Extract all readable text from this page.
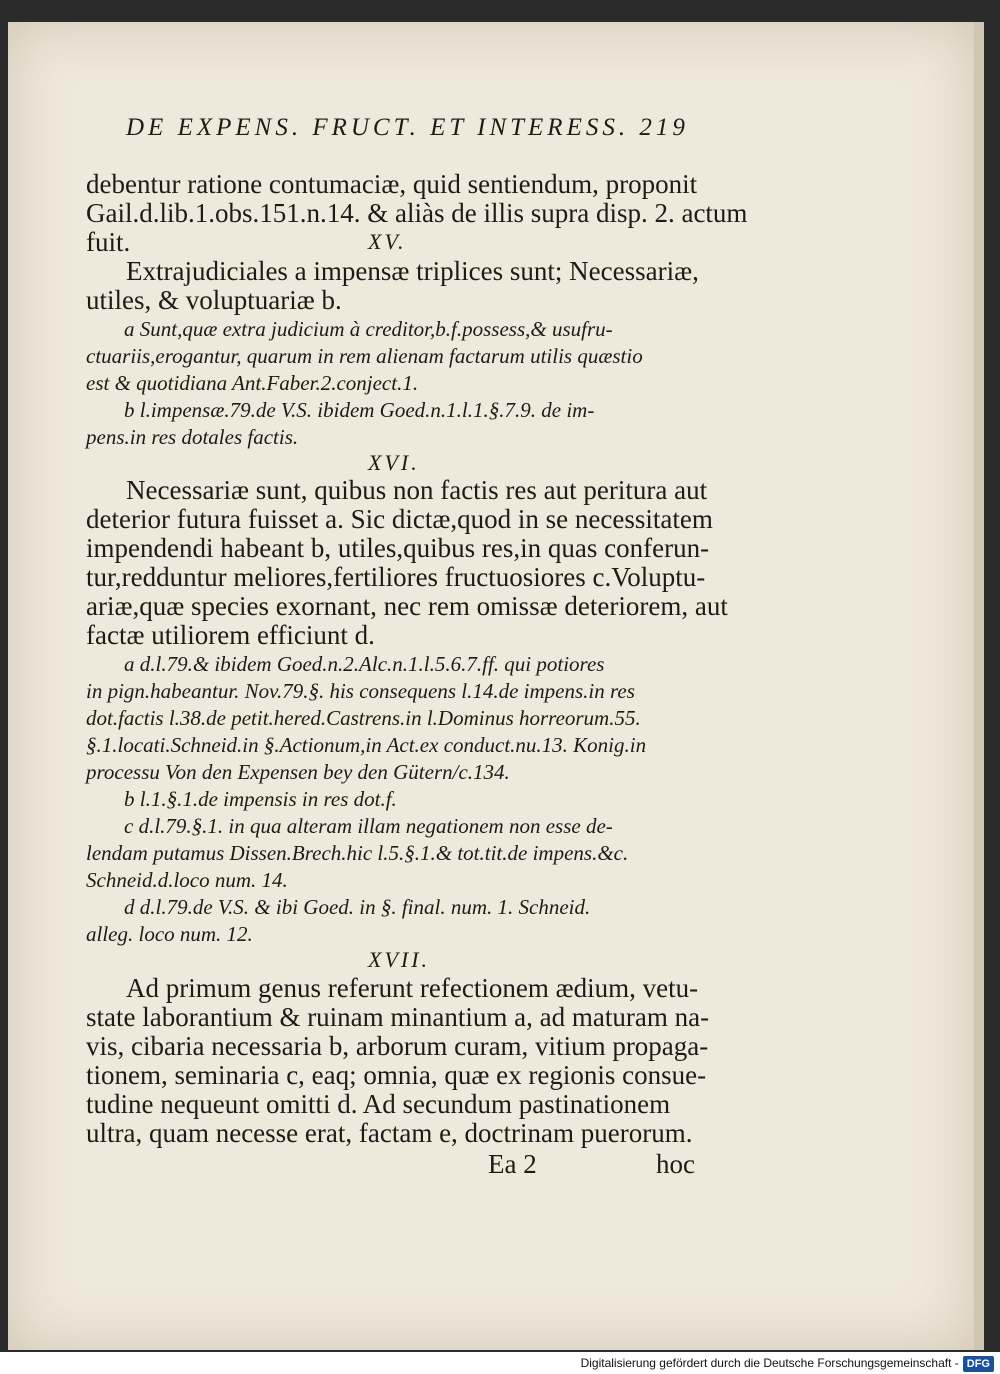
DE EXPENS. FRUCT. ET INTERESS. 219
debentur ratione contumaciæ, quid sentiendum, proponit
Gail.d.lib.1.obs.151.n.14. & aliàs de illis supra disp. 2. actum
fuit.	XV.
Extrajudiciales a impensæ triplices sunt; Necessariæ,
utiles, & voluptuariæ b.
a Sunt,quæ extra judicium à creditor,b.f.possess,& usufru-
ctuariis,erogantur, quarum in rem alienam factarum utilis quæstio
est & quotidiana Ant.Faber.2.conject.1.
b l.impensæ.79.de V.S. ibidem Goed.n.1.l.1.§.7.9. de im-
pens.in res dotales factis.
XVI.
Necessariæ sunt, quibus non factis res aut peritura aut
deterior futura fuisset a. Sic dictæ,quod in se necessitatem
impendendi habeant b, utiles,quibus res,in quas conferun-
tur,redduntur meliores,fertiliores fructuosiores c.Voluptu-
ariæ,quæ species exornant, nec rem omissæ deteriorem, aut
factæ utiliorem efficiunt d.
a d.l.79.& ibidem Goed.n.2.Alc.n.1.l.5.6.7.ff. qui potiores
in pign.habeantur. Nov.79.§. his consequens l.14.de impens.in res
dot.factis l.38.de petit.hered.Castrens.in l.Dominus horreorum.55.
§.1.locati.Schneid.in §.Actionum,in Act.ex conduct.nu.13. Konig.in
processu Von den Expensen bey den Gütern/c.134.
b l.1.§.1.de impensis in res dot.f.
c d.l.79.§.1. in qua alteram illam negationem non esse de-
lendam putamus Dissen.Brech.hic l.5.§.1.& tot.tit.de impens.&c.
Schneid.d.loco num. 14.
d d.l.79.de V.S. & ibi Goed. in §. final. num. 1. Schneid.
alleg. loco num. 12.
XVII.
Ad primum genus referunt refectionem ædium, vetu-
state laborantium & ruinam minantium a, ad maturam na-
vis, cibaria necessaria b, arborum curam, vitium propaga-
tionem, seminaria c, eaq; omnia, quæ ex regionis consue-
tudine nequeunt omitti d. Ad secundum pastinationem
ultra, quam necesse erat, factam e, doctrinam puerorum.
Ea 2	hoc
Digitalisierung gefördert durch die Deutsche Forschungsgemeinschaft - DFG
